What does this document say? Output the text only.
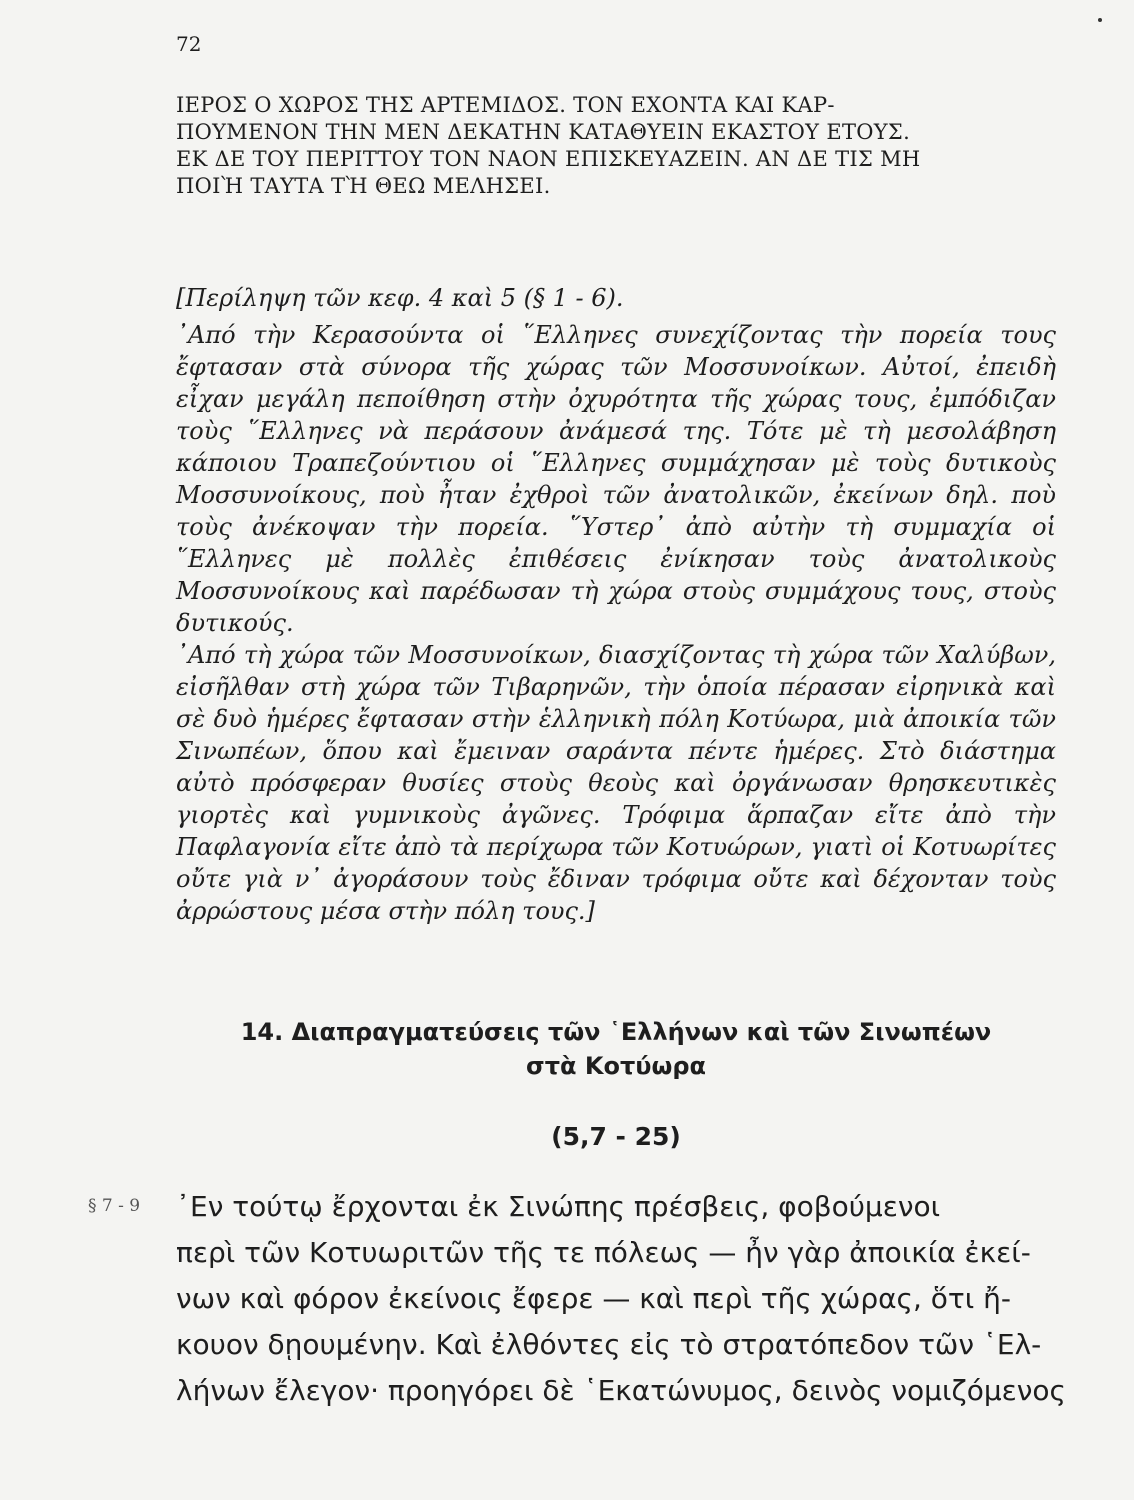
72
ΙΕΡΟΣ Ο ΧΩΡΟΣ ΤΗΣ ΑΡΤΕΜΙΔΟΣ. ΤΟΝ ΕΧΟΝΤΑ ΚΑΙ ΚΑΡ-
ΠΟΥΜΕΝΟΝ ΤΗΝ ΜΕΝ ΔΕΚΑΤΗΝ ΚΑΤΑΘΥΕΙΝ ΕΚΑΣΤΟΥ ΕΤΟΥΣ.
ΕΚ ΔΕ ΤΟΥ ΠΕΡΙΤΤΟΥ ΤΟΝ ΝΑΟΝ ΕΠΙΣΚΕΥΑΖΕΙΝ. ΑΝ ΔΕ ΤΙΣ ΜΗ
ΠΟΙῊ ΤΑΥΤΑ ΤῊ ΘΕΩ ΜΕΛΗΣΕΙ.
[Περίληψη τῶν κεφ. 4 καὶ 5 (§ 1 - 6).

᾽Από τὴν Κερασούντα οἱ ῞Ελληνες συνεχίζοντας τὴν πορεία τους ἔφτασαν στὰ σύνορα τῆς χώρας τῶν Μοσσυνοίκων. Αὐτοί, ἐπειδὴ εἶχαν μεγάλη πεποίθηση στὴν ὀχυρότητα τῆς χώρας τους, ἐμπόδιζαν τοὺς ῞Ελληνες νὰ περάσουν ἀνάμεσά της. Τότε μὲ τὴ μεσολάβηση κάποιου Τραπεζούντιου οἱ ῞Ελληνες συμμάχησαν μὲ τοὺς δυτικοὺς Μοσσυνοίκους, ποὺ ἦταν ἐχθροὶ τῶν ἀνατολικῶν, ἐκείνων δηλ. ποὺ τοὺς ἀνέκοψαν τὴν πορεία. ῞Υστερ᾽ ἀπὸ αὐτὴν τὴ συμμαχία οἱ ῞Ελληνες μὲ πολλὲς ἐπιθέσεις ἐνίκησαν τοὺς ἀνατολικοὺς Μοσσυνοίκους καὶ παρέδωσαν τὴ χώρα στοὺς συμμάχους τους, στοὺς δυτικούς.

᾽Από τὴ χώρα τῶν Μοσσυνοίκων, διασχίζοντας τὴ χώρα τῶν Χαλύβων, εἰσῆλθαν στὴ χώρα τῶν Τιβαρηνῶν, τὴν ὁποία πέρασαν εἰρηνικὰ καὶ σὲ δυὸ ἡμέρες ἔφτασαν στὴν ἑλληνικὴ πόλη Κοτύωρα, μιὰ ἀποικία τῶν Σινωπέων, ὅπου καὶ ἔμειναν σαράντα πέντε ἡμέρες. Στὸ διάστημα αὐτὸ πρόσφεραν θυσίες στοὺς θεοὺς καὶ ὀργάνωσαν θρησκευτικὲς γιορτὲς καὶ γυμνικοὺς ἀγῶνες. Τρόφιμα ἅρπαζαν εἴτε ἀπὸ τὴν Παφλαγονία εἴτε ἀπὸ τὰ περίχωρα τῶν Κοτυώρων, γιατὶ οἱ Κοτυωρίτες οὔτε γιὰ ν᾽ ἀγοράσουν τοὺς ἔδιναν τρόφιμα οὔτε καὶ δέχονταν τοὺς ἀρρώστους μέσα στὴν πόλη τους.]

14. Διαπραγματεύσεις τῶν ῾Ελλήνων καὶ τῶν Σινωπέων
στὰ Κοτύωρα
(5,7 - 25)
§ 7 - 9 ᾽Εν τούτῳ ἔρχονται ἐκ Σινώπης πρέσβεις, φοβούμενοι
περὶ τῶν Κοτυωριτῶν τῆς τε πόλεως — ἦν γὰρ ἀποικία ἐκεί-
νων καὶ φόρον ἐκείνοις ἔφερε — καὶ περὶ τῆς χώρας, ὅτι ἤ-
κουον δῃουμένην. Καὶ ἐλθόντες εἰς τὸ στρατόπεδον τῶν ῾Ελ-
λήνων ἔλεγον· προηγόρει δὲ ῾Εκατώνυμος, δεινὸς νομιζόμενος
